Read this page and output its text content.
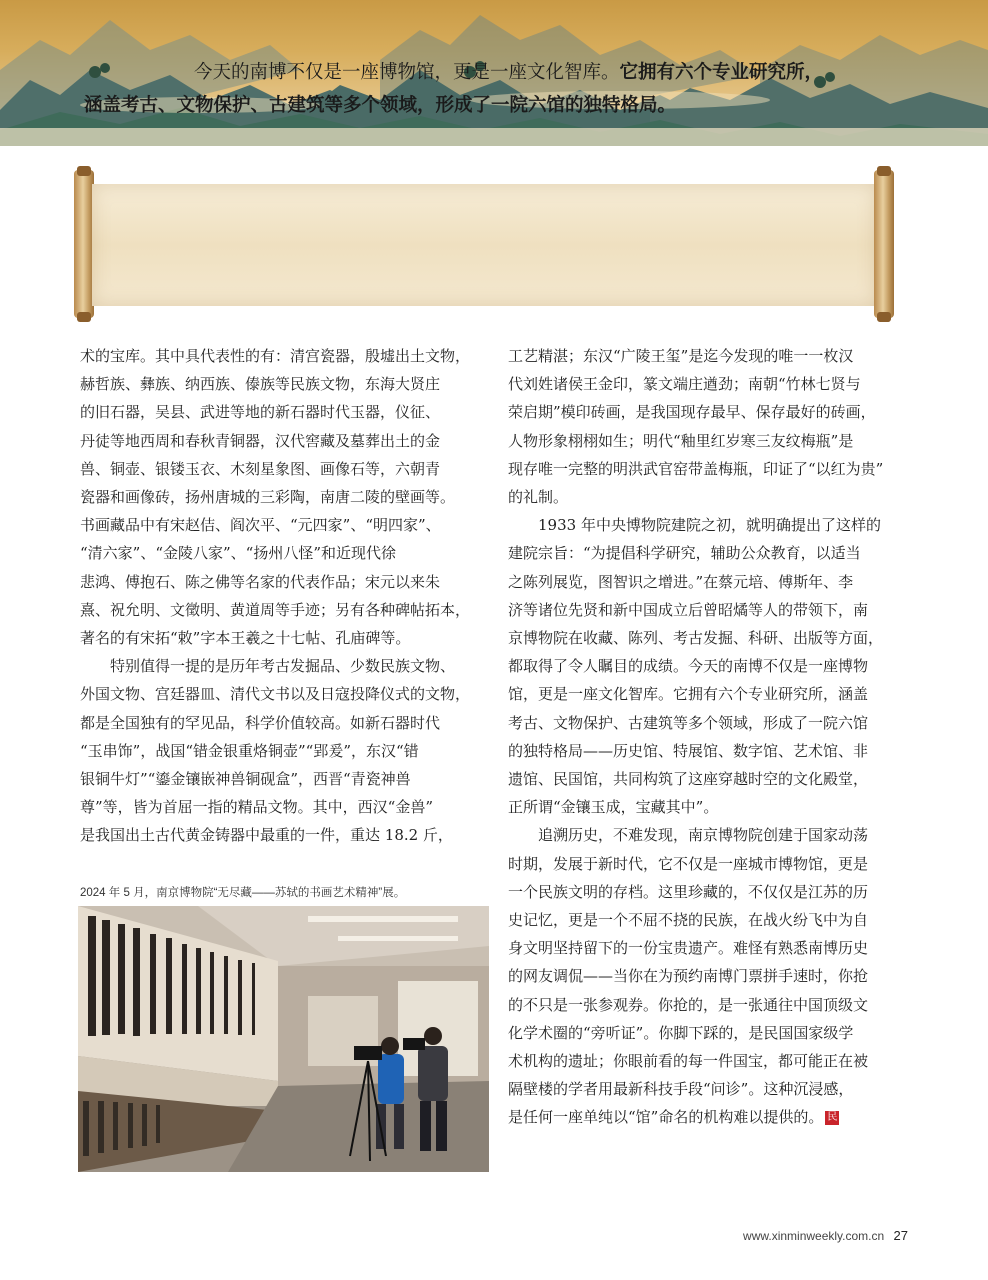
今天的南博不仅是一座博物馆，更是一座文化智库。它拥有六个专业研究所，
涵盖考古、文物保护、古建筑等多个领域，形成了一院六馆的独特格局。

术的宝库。其中具代表性的有：清宫瓷器，殷墟出土文物，
赫哲族、彝族、纳西族、傣族等民族文物，东海大贤庄
的旧石器，吴县、武进等地的新石器时代玉器，仪征、
丹徒等地西周和春秋青铜器，汉代窖藏及墓葬出土的金
兽、铜壶、银镂玉衣、木刻星象图、画像石等，六朝青
瓷器和画像砖，扬州唐城的三彩陶，南唐二陵的壁画等。
书画藏品中有宋赵佶、阎次平、“元四家”、“明四家”、
“清六家”、“金陵八家”、“扬州八怪”和近现代徐
悲鸿、傅抱石、陈之佛等名家的代表作品；宋元以来朱
熹、祝允明、文徵明、黄道周等手迹；另有各种碑帖拓本，
著名的有宋拓“敕”字本王羲之十七帖、孔庙碑等。

特别值得一提的是历年考古发掘品、少数民族文物、
外国文物、宫廷器皿、清代文书以及日寇投降仪式的文物，
都是全国独有的罕见品，科学价值较高。如新石器时代
“玉串饰”，战国“错金银重烙铜壶”“郢爰”，东汉“错
银铜牛灯”“鎏金镶嵌神兽铜砚盒”，西晋“青瓷神兽
尊”等，皆为首屈一指的精品文物。其中，西汉“金兽”
是我国出土古代黄金铸器中最重的一件，重达 18.2 斤，

2024 年 5 月，南京博物院“无尽藏——苏轼的书画艺术精神”展。

工艺精湛；东汉“广陵王玺”是迄今发现的唯一一枚汉
代刘姓诸侯王金印，篆文端庄遒劲；南朝“竹林七贤与
荣启期”模印砖画，是我国现存最早、保存最好的砖画，
人物形象栩栩如生；明代“釉里红岁寒三友纹梅瓶”是
现存唯一完整的明洪武官窑带盖梅瓶，印证了“以红为贵”
的礼制。

1933 年中央博物院建院之初，就明确提出了这样的
建院宗旨：“为提倡科学研究，辅助公众教育，以适当
之陈列展览，图智识之增进。”在蔡元培、傅斯年、李
济等诸位先贤和新中国成立后曾昭燏等人的带领下，南
京博物院在收藏、陈列、考古发掘、科研、出版等方面，
都取得了令人瞩目的成绩。今天的南博不仅是一座博物
馆，更是一座文化智库。它拥有六个专业研究所，涵盖
考古、文物保护、古建筑等多个领域，形成了一院六馆
的独特格局——历史馆、特展馆、数字馆、艺术馆、非
遗馆、民国馆，共同构筑了这座穿越时空的文化殿堂，
正所谓“金镶玉成，宝藏其中”。

追溯历史，不难发现，南京博物院创建于国家动荡
时期，发展于新时代，它不仅是一座城市博物馆，更是
一个民族文明的存档。这里珍藏的，不仅仅是江苏的历
史记忆，更是一个不屈不挠的民族，在战火纷飞中为自
身文明坚持留下的一份宝贵遗产。难怪有熟悉南博历史
的网友调侃——当你在为预约南博门票拼手速时，你抢
的不只是一张参观券。你抢的，是一张通往中国顶级文
化学术圈的“旁听证”。你脚下踩的，是民国国家级学
术机构的遗址；你眼前看的每一件国宝，都可能正在被
隔壁楼的学者用最新科技手段“问诊”。这种沉浸感，
是任何一座单纯以“馆”命名的机构难以提供的。 民

www.xinminweekly.com.cn 27
